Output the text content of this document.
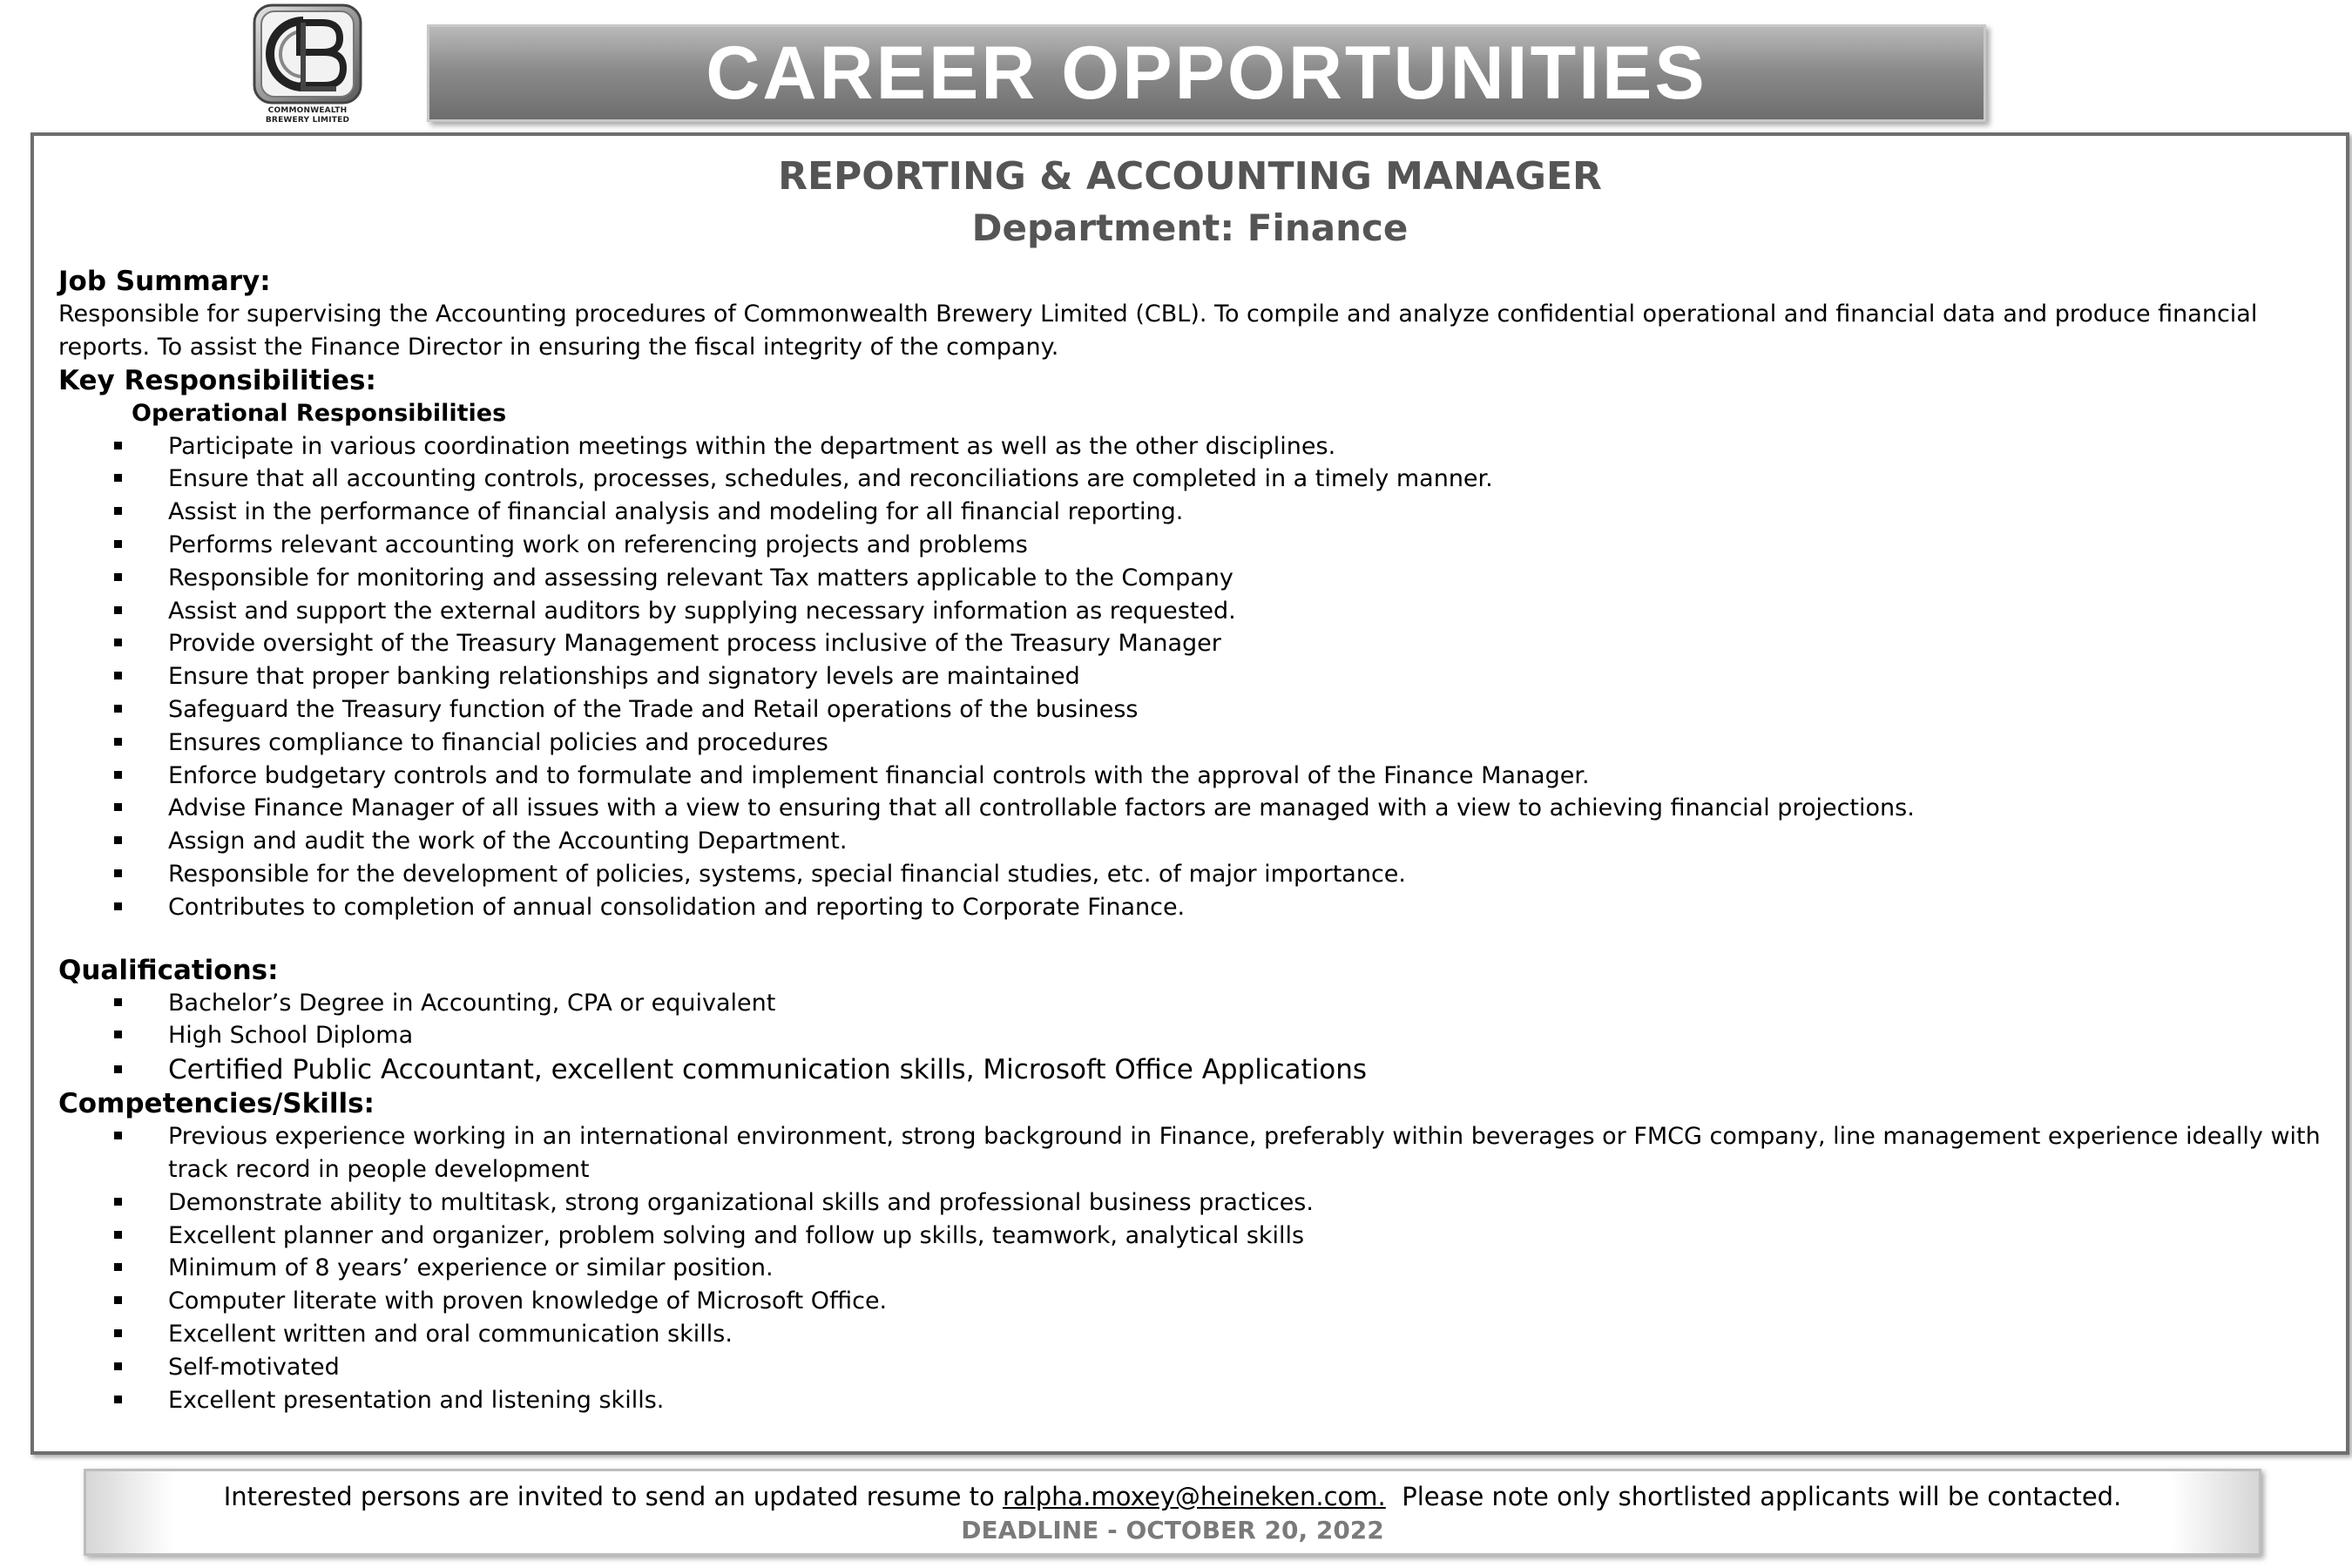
COMMONWEALTH
BREWERY LIMITED
CAREER OPPORTUNITIES
REPORTING & ACCOUNTING MANAGER
Department: Finance

Job Summary:

Responsible for supervising the Accounting procedures of Commonwealth Brewery Limited (CBL). To compile and analyze confidential operational and financial data and produce financial reports. To assist the Finance Director in ensuring the fiscal integrity of the company.

Key Responsibilities:

Operational Responsibilities

Participate in various coordination meetings within the department as well as the other disciplines.
Ensure that all accounting controls, processes, schedules, and reconciliations are completed in a timely manner.
Assist in the performance of financial analysis and modeling for all financial reporting.
Performs relevant accounting work on referencing projects and problems
Responsible for monitoring and assessing relevant Tax matters applicable to the Company
Assist and support the external auditors by supplying necessary information as requested.
Provide oversight of the Treasury Management process inclusive of the Treasury Manager
Ensure that proper banking relationships and signatory levels are maintained
Safeguard the Treasury function of the Trade and Retail operations of the business
Ensures compliance to financial policies and procedures
Enforce budgetary controls and to formulate and implement financial controls with the approval of the Finance Manager.
Advise Finance Manager of all issues with a view to ensuring that all controllable factors are managed with a view to achieving financial projections.
Assign and audit the work of the Accounting Department.
Responsible for the development of policies, systems, special financial studies, etc. of major importance.
Contributes to completion of annual consolidation and reporting to Corporate Finance.

Qualifications:

Bachelor’s Degree in Accounting, CPA or equivalent
High School Diploma
Certified Public Accountant, excellent communication skills, Microsoft Office Applications

Competencies/Skills:

Previous experience working in an international environment, strong background in Finance, preferably within beverages or FMCG company, line management experience ideally with track record in people development
Demonstrate ability to multitask, strong organizational skills and professional business practices.
Excellent planner and organizer, problem solving and follow up skills, teamwork, analytical skills
Minimum of 8 years’ experience or similar position.
Computer literate with proven knowledge of Microsoft Office.
Excellent written and oral communication skills.
Self-motivated
Excellent presentation and listening skills.
Interested persons are invited to send an updated resume to ralpha.moxey@heineken.com.  Please note only shortlisted applicants will be contacted.
DEADLINE - OCTOBER 20, 2022
